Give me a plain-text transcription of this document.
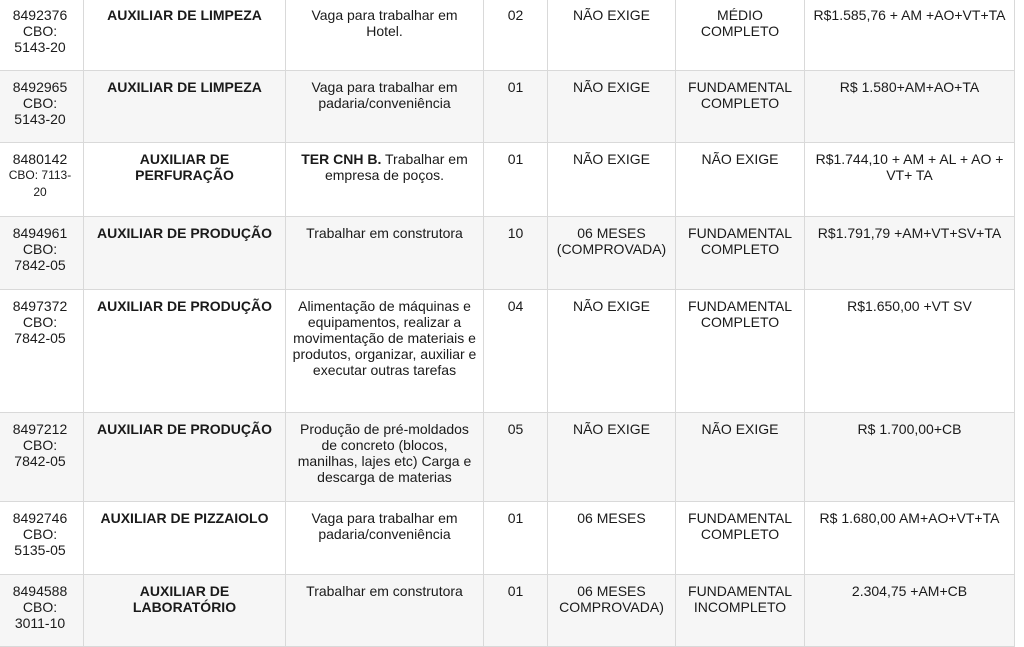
8492376
CBO:
5143-20	AUXILIAR DE LIMPEZA	Vaga para trabalhar em Hotel.	02	NÃO EXIGE	MÉDIO COMPLETO	R$1.585,76 + AM +AO+VT+TA

8492965
CBO:
5143-20	AUXILIAR DE LIMPEZA	Vaga para trabalhar em padaria/conveniência	01	NÃO EXIGE	FUNDAMENTAL COMPLETO	R$ 1.580+AM+AO+TA

8480142
CBO: 7113-
20	AUXILIAR DE PERFURAÇÃO	TER CNH B. Trabalhar em empresa de poços.	01	NÃO EXIGE	NÃO EXIGE	R$1.744,10 + AM + AL + AO + VT+ TA

8494961
CBO:
7842-05	AUXILIAR DE PRODUÇÃO	Trabalhar em construtora	10	06 MESES (COMPROVADA)	FUNDAMENTAL COMPLETO	R$1.791,79 +AM+VT+SV+TA

8497372
CBO:
7842-05	AUXILIAR DE PRODUÇÃO	Alimentação de máquinas e equipamentos, realizar a movimentação de materiais e produtos, organizar, auxiliar e executar outras tarefas	04	NÃO EXIGE	FUNDAMENTAL COMPLETO	R$1.650,00 +VT SV

8497212
CBO:
7842-05	AUXILIAR DE PRODUÇÃO	Produção de pré-moldados de concreto (blocos, manilhas, lajes etc) Carga e descarga de materias	05	NÃO EXIGE	NÃO EXIGE	R$ 1.700,00+CB

8492746
CBO:
5135-05	AUXILIAR DE PIZZAIOLO	Vaga para trabalhar em padaria/conveniência	01	06 MESES	FUNDAMENTAL COMPLETO	R$ 1.680,00 AM+AO+VT+TA

8494588
CBO:
3011-10	AUXILIAR DE LABORATÓRIO	Trabalhar em construtora	01	06 MESES COMPROVADA)	FUNDAMENTAL INCOMPLETO	2.304,75 +AM+CB
